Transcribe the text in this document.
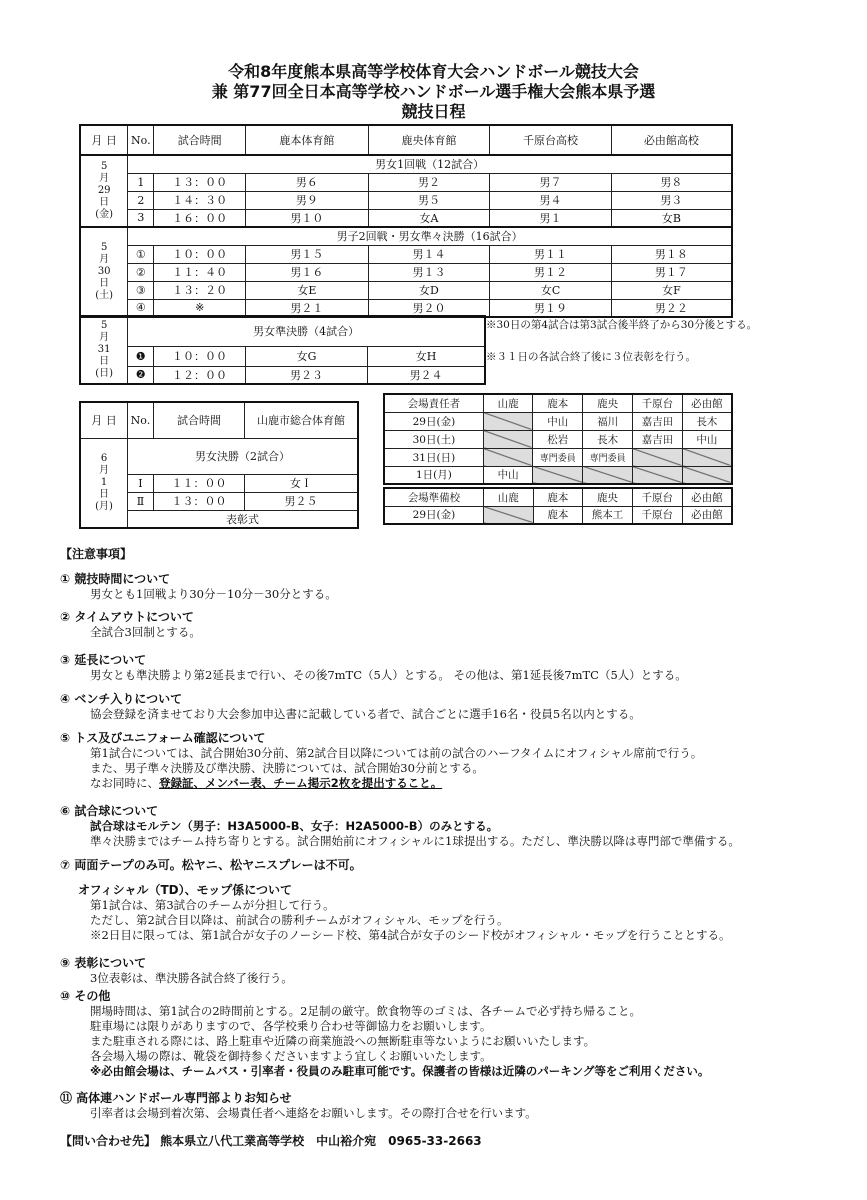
令和8年度熊本県高等学校体育大会ハンドボール競技大会
兼 第77回全日本高等学校ハンドボール選手権大会熊本県予選
競技日程
月 日	No.	試合時間	鹿本体育館	鹿央体育館	千原台高校	必由館高校

5
月
29
日
(金)	男女1回戦（12試合）					
	1	１３：００	男６	男２	男７	男８
	2	１４：３０	男９	男５	男４	男３
	3	１６：００	男１０	女A	男１	女B

5
月
30
日
(土)	男子2回戦・男女準々決勝（16試合）					
	①	１０：００	男１５	男１４	男１１	男１８
	②	１１：４０	男１６	男１３	男１２	男１７
	③	１３：２０	女E	女D	女C	女F
	④	※	男２１	男２０	男１９	男２２
5
月
31
日
(日)	男女準決勝（4試合）			
	❶	１０：００	女G	女H
	❷	１２：００	男２３	男２４
※30日の第4試合は第3試合後半終了から30分後とする。
※３１日の各試合終了後に３位表彰を行う。
月 日	No.	試合時間	山鹿市総合体育館

6
月
1
日
(月)	男女決勝（2試合）		
	Ⅰ	１１：００	女Ｉ
	Ⅱ	１３：００	男２５
	表彰式		
会場責任者	山鹿	鹿本	鹿央	千原台	必由館
29日(金)		中山	福川	嘉吉田	長木
30日(土)		松岩	長木	嘉吉田	中山
31日(日)		専門委員	専門委員		
1日(月)	中山				
会場準備校	山鹿	鹿本	鹿央	千原台	必由館
29日(金)		鹿本	熊本工	千原台	必由館
【注意事項】
① 競技時間について
男女とも1回戦より30分－10分－30分とする。
② タイムアウトについて
全試合3回制とする。
③ 延長について
男女とも準決勝より第2延長まで行い、その後7mTC（5人）とする。 その他は、第1延長後7mTC（5人）とする。
④ ベンチ入りについて
協会登録を済ませており大会参加申込書に記載している者で、試合ごとに選手16名・役員5名以内とする。
⑤ トス及びユニフォーム確認について
第1試合については、試合開始30分前、第2試合目以降については前の試合のハーフタイムにオフィシャル席前で行う。
また、男子準々決勝及び準決勝、決勝については、試合開始30分前とする。
なお同時に、登録証、メンバー表、チーム掲示2枚を提出すること。
⑥ 試合球について
試合球はモルテン（男子：H3A5000-B、女子：H2A5000-B）のみとする。
準々決勝まではチーム持ち寄りとする。試合開始前にオフィシャルに1球提出する。ただし、準決勝以降は専門部で準備する。
⑦ 両面テープのみ可。松ヤニ、松ヤニスプレーは不可。
オフィシャル（TD）、モップ係について
第1試合は、第3試合のチームが分担して行う。
ただし、第2試合目以降は、前試合の勝利チームがオフィシャル、モップを行う。
※2日目に限っては、第1試合が女子のノーシード校、第4試合が女子のシード校がオフィシャル・モップを行うこととする。
⑨ 表彰について
3位表彰は、準決勝各試合終了後行う。
⑩ その他
開場時間は、第1試合の2時間前とする。2足制の厳守。飲食物等のゴミは、各チームで必ず持ち帰ること。
駐車場には限りがありますので、各学校乗り合わせ等御協力をお願いします。
また駐車される際には、路上駐車や近隣の商業施設への無断駐車等ないようにお願いいたします。
各会場入場の際は、靴袋を御持参くださいますよう宜しくお願いいたします。
※必由館会場は、チームバス・引率者・役員のみ駐車可能です。保護者の皆様は近隣のパーキング等をご利用ください。
⑪ 高体連ハンドボール専門部よりお知らせ
引率者は会場到着次第、会場責任者へ連絡をお願いします。その際打合せを行います。
【問い合わせ先】 熊本県立八代工業高等学校　中山裕介宛　0965-33-2663
